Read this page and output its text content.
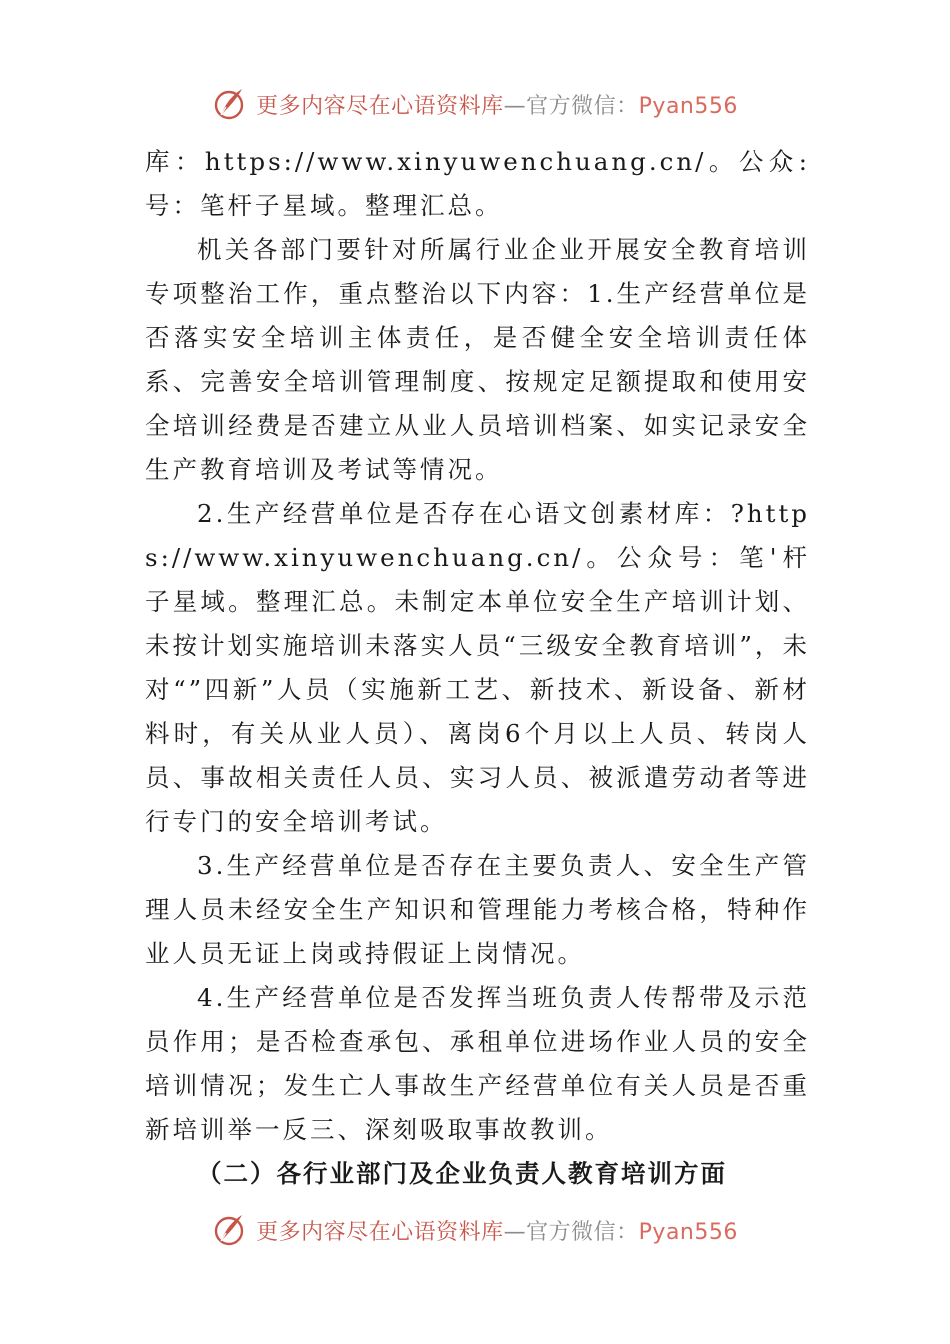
更多内容尽在心语资料库—官方微信：Pyan556

库：https://www.xinyuwenchuang.cn/。公众:号：笔杆子星域。整理汇总。

机关各部门要针对所属行业企业开展安全教育培训专项整治工作，重点整治以下内容：1.生产经营单位是否落实安全培训主体责任，是否健全安全培训责任体系、完善安全培训管理制度、按规定足额提取和使用安全培训经费是否建立从业人员培训档案、如实记录安全生产教育培训及考试等情况。

2.生产经营单位是否存在心语文创素材库：?https://www.xinyuwenchuang.cn/。公众号：笔'杆子星域。整理汇总。未制定本单位安全生产培训计划、未按计划实施培训未落实人员“三级安全教育培训”，未对“”四新”人员（实施新工艺、新技术、新设备、新材料时，有关从业人员）、离岗6个月以上人员、转岗人员、事故相关责任人员、实习人员、被派遣劳动者等进行专门的安全培训考试。

3.生产经营单位是否存在主要负责人、安全生产管理人员未经安全生产知识和管理能力考核合格，特种作业人员无证上岗或持假证上岗情况。

4.生产经营单位是否发挥当班负责人传帮带及示范员作用；是否检查承包、承租单位进场作业人员的安全培训情况；发生亡人事故生产经营单位有关人员是否重新培训举一反三、深刻吸取事故教训。

（二）各行业部门及企业负责人教育培训方面

更多内容尽在心语资料库—官方微信：Pyan556
